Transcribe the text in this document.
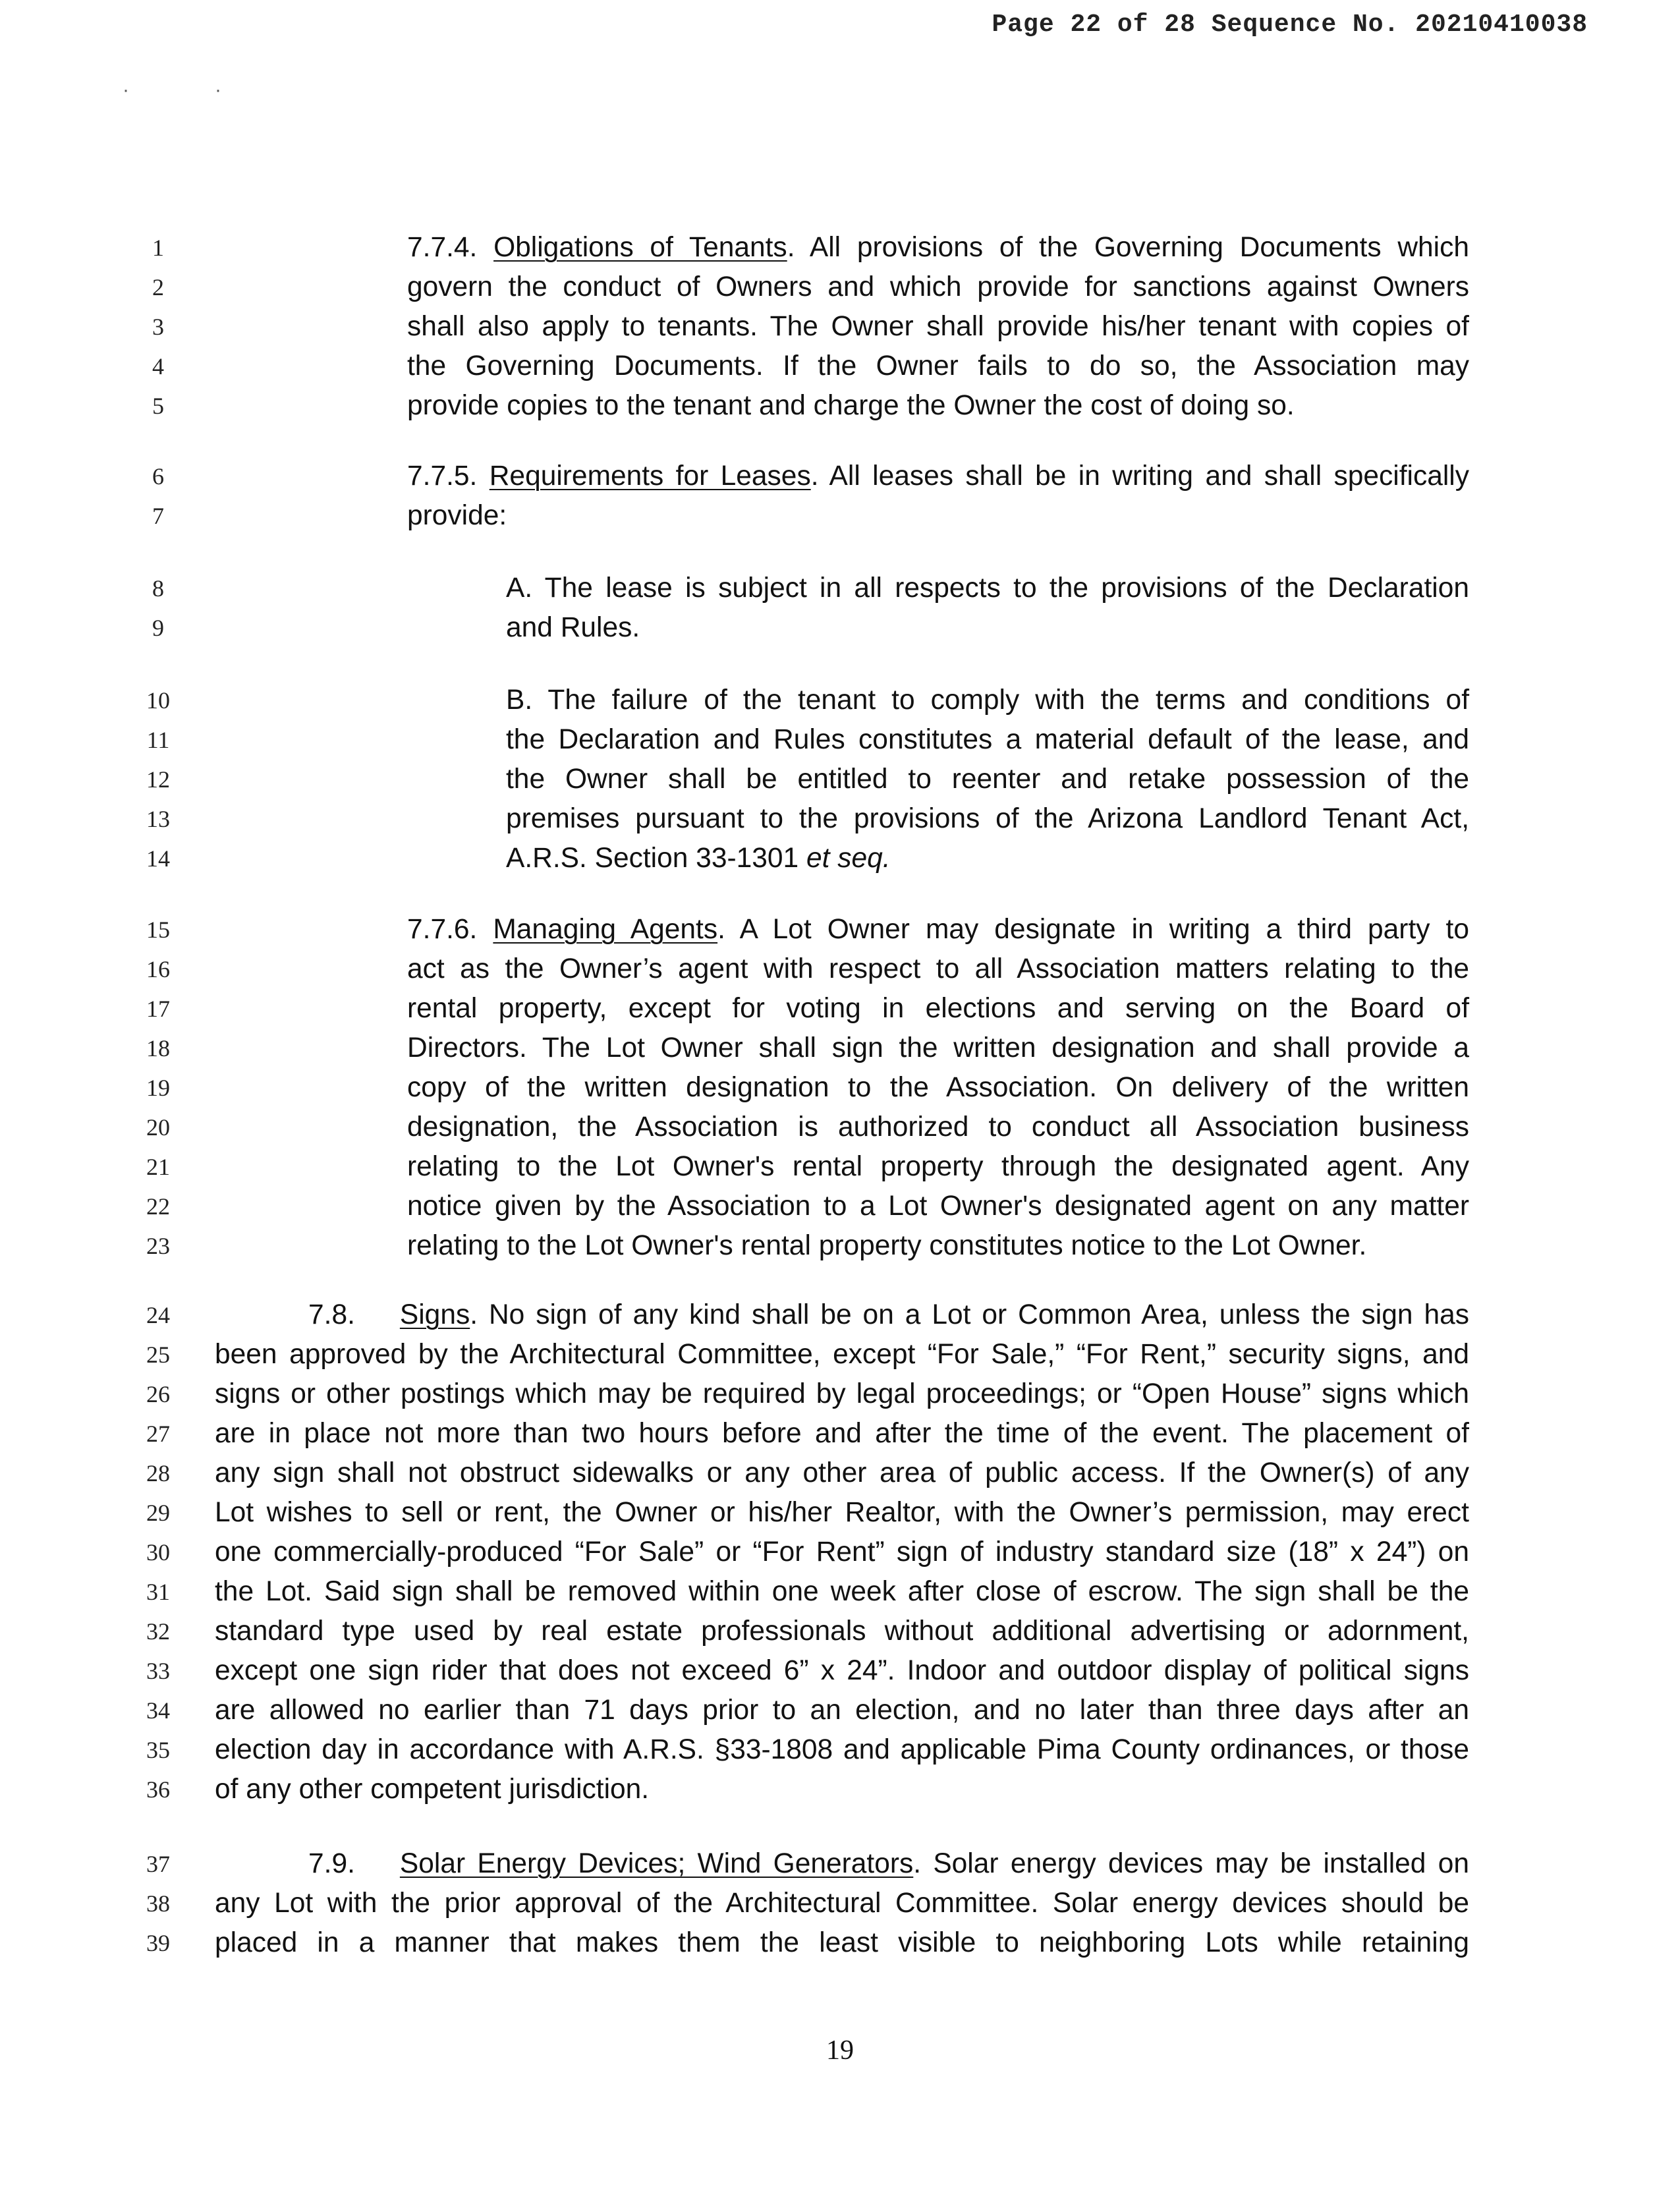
Page 22 of 28 Sequence No. 20210410038
·	·
1
2
3
4
5
6
7
8
9
10
11
12
13
14
15
16
17
18
19
20
21
22
23
24
25
26
27
28
29
30
31
32
33
34
35
36
37
38
39
7.7.4. Obligations of Tenants. All provisions of the Governing Documents which
govern the conduct of Owners and which provide for sanctions against Owners
shall also apply to tenants. The Owner shall provide his/her tenant with copies of
the Governing Documents. If the Owner fails to do so, the Association may
provide copies to the tenant and charge the Owner the cost of doing so.
7.7.5. Requirements for Leases. All leases shall be in writing and shall specifically
provide:
A. The lease is subject in all respects to the provisions of the Declaration
and Rules.
B. The failure of the tenant to comply with the terms and conditions of
the Declaration and Rules constitutes a material default of the lease, and
the Owner shall be entitled to reenter and retake possession of the
premises pursuant to the provisions of the Arizona Landlord Tenant Act,
A.R.S. Section 33-1301 et seq.
7.7.6. Managing Agents. A Lot Owner may designate in writing a third party to
act as the Owner’s agent with respect to all Association matters relating to the
rental property, except for voting in elections and serving on the Board of
Directors. The Lot Owner shall sign the written designation and shall provide a
copy of the written designation to the Association. On delivery of the written
designation, the Association is authorized to conduct all Association business
relating to the Lot Owner's rental property through the designated agent. Any
notice given by the Association to a Lot Owner's designated agent on any matter
relating to the Lot Owner's rental property constitutes notice to the Lot Owner.
7.8. Signs. No sign of any kind shall be on a Lot or Common Area, unless the sign has
been approved by the Architectural Committee, except “For Sale,” “For Rent,” security signs, and
signs or other postings which may be required by legal proceedings; or “Open House” signs which
are in place not more than two hours before and after the time of the event. The placement of
any sign shall not obstruct sidewalks or any other area of public access. If the Owner(s) of any
Lot wishes to sell or rent, the Owner or his/her Realtor, with the Owner’s permission, may erect
one commercially-produced “For Sale” or “For Rent” sign of industry standard size (18” x 24”) on
the Lot. Said sign shall be removed within one week after close of escrow. The sign shall be the
standard type used by real estate professionals without additional advertising or adornment,
except one sign rider that does not exceed 6” x 24”. Indoor and outdoor display of political signs
are allowed no earlier than 71 days prior to an election, and no later than three days after an
election day in accordance with A.R.S. §33-1808 and applicable Pima County ordinances, or those
of any other competent jurisdiction.
7.9. Solar Energy Devices; Wind Generators. Solar energy devices may be installed on
any Lot with the prior approval of the Architectural Committee. Solar energy devices should be
placed in a manner that makes them the least visible to neighboring Lots while retaining
19
